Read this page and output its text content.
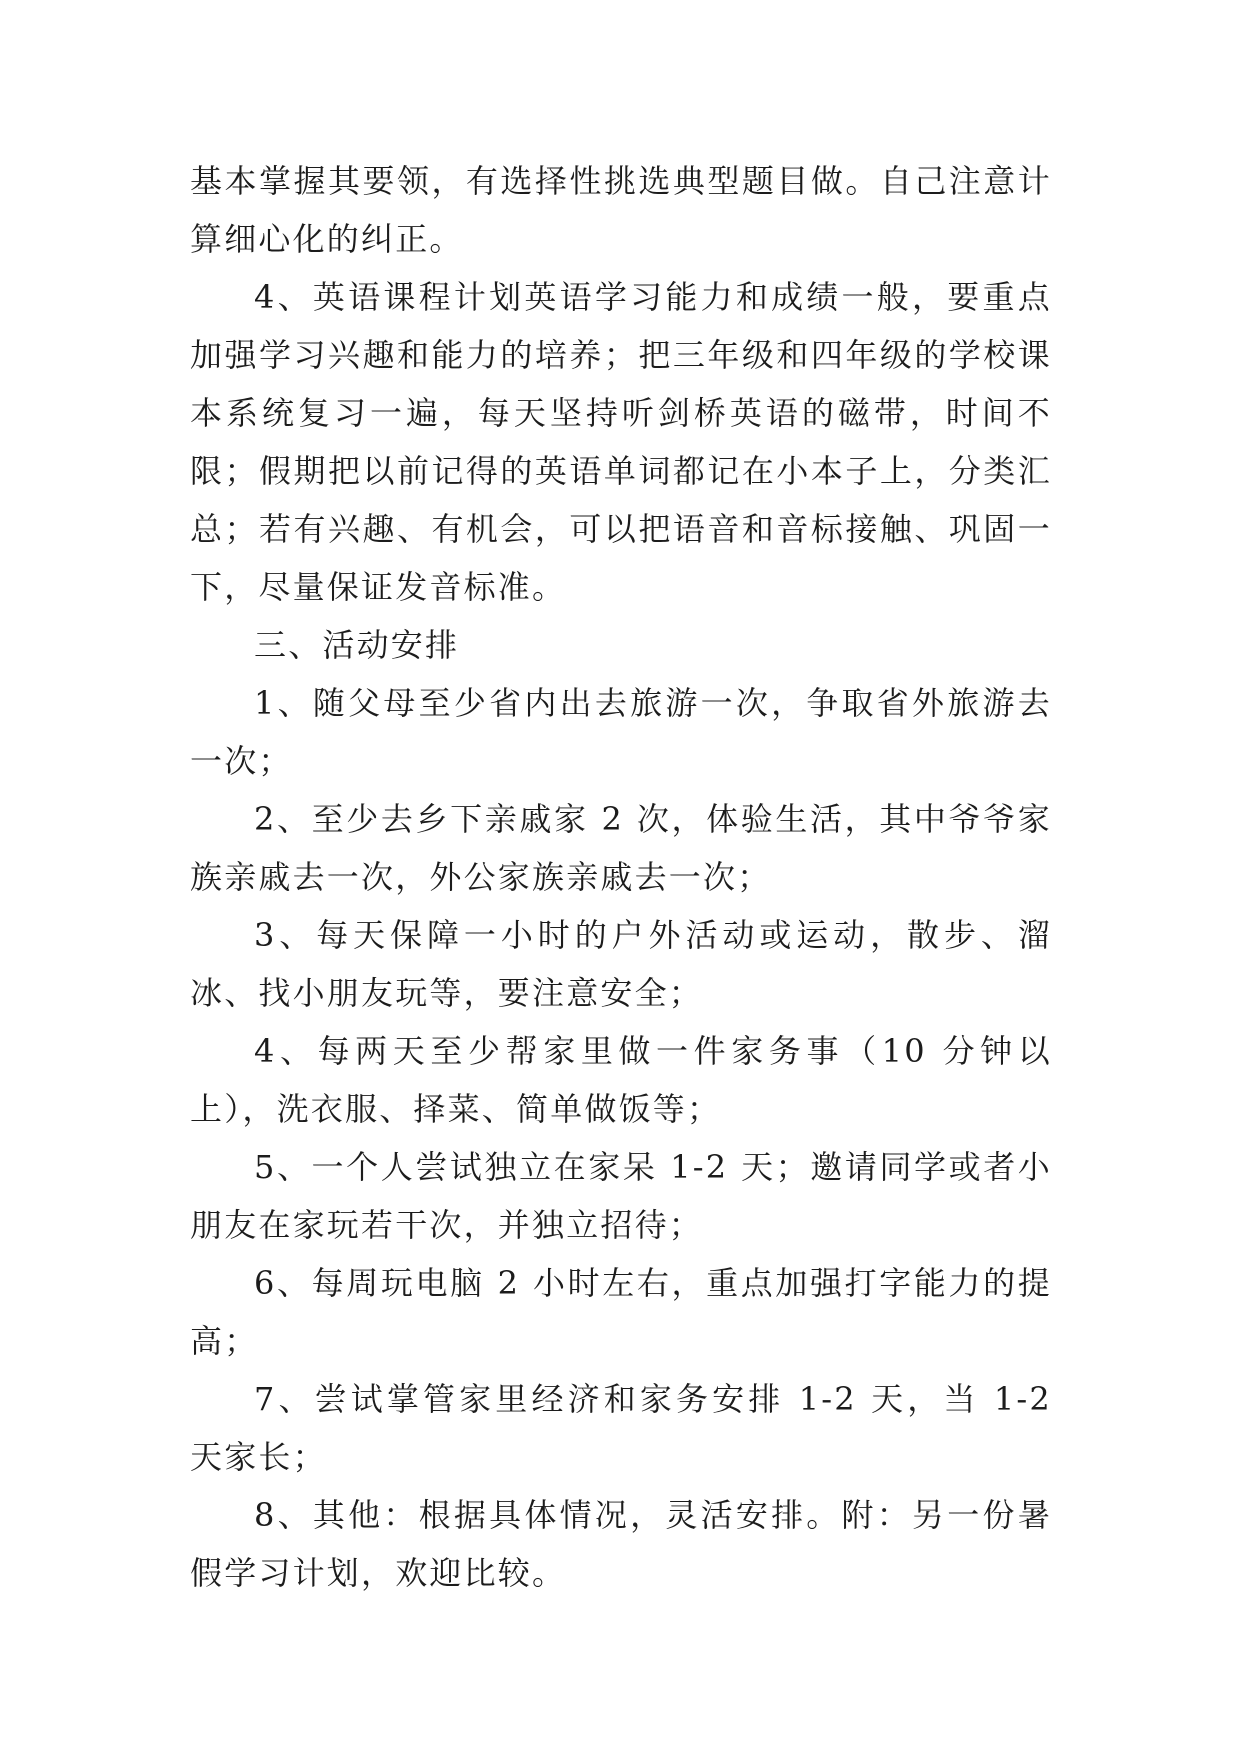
基本掌握其要领，有选择性挑选典型题目做。自己注意计算细心化的纠正。

4、英语课程计划英语学习能力和成绩一般，要重点加强学习兴趣和能力的培养；把三年级和四年级的学校课本系统复习一遍，每天坚持听剑桥英语的磁带，时间不限；假期把以前记得的英语单词都记在小本子上，分类汇总；若有兴趣、有机会，可以把语音和音标接触、巩固一下，尽量保证发音标准。

三、活动安排

1、随父母至少省内出去旅游一次，争取省外旅游去一次；

2、至少去乡下亲戚家 2 次，体验生活，其中爷爷家族亲戚去一次，外公家族亲戚去一次；

3、每天保障一小时的户外活动或运动，散步、溜冰、找小朋友玩等，要注意安全；

4、每两天至少帮家里做一件家务事（10 分钟以上），洗衣服、择菜、简单做饭等；

5、一个人尝试独立在家呆 1-2 天；邀请同学或者小朋友在家玩若干次，并独立招待；

6、每周玩电脑 2 小时左右，重点加强打字能力的提高；

7、尝试掌管家里经济和家务安排 1-2 天，当 1-2 天家长；

8、其他：根据具体情况，灵活安排。附：另一份暑假学习计划，欢迎比较。
